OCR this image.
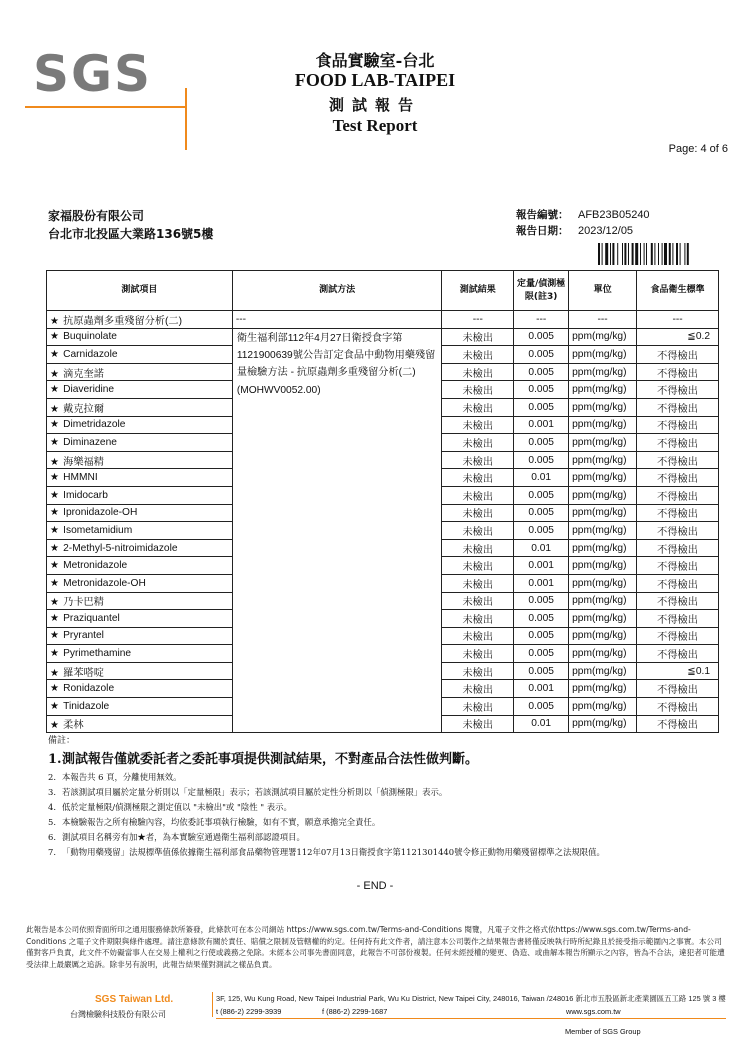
SGS	食品實驗室-台北
FOOD LAB-TAIPEI
測試報告
Test Report
Page: 4 of 6
家福股份有限公司
台北市北投區大業路136號5樓
報告編號： AFB23B05240
報告日期： 2023/12/05
測試項目	測試方法	測試結果	定量/偵測極限(註3)	單位	食品衛生標準
★ 抗原蟲劑多重殘留分析(二)	---	---	---	---	---
★ Buquinolate	衛生福利部112年4月27日衛授食字第1121900639號公告訂定食品中動物用藥殘留量檢驗方法 - 抗原蟲劑多重殘留分析(二)(MOHWV0052.00)	未檢出	0.005	ppm(mg/kg)	≦0.2
★ Carnidazole		未檢出	0.005	ppm(mg/kg)	不得檢出
★ 滴克奎諾		未檢出	0.005	ppm(mg/kg)	不得檢出
★ Diaveridine		未檢出	0.005	ppm(mg/kg)	不得檢出
★ 戴克拉爾		未檢出	0.005	ppm(mg/kg)	不得檢出
★ Dimetridazole		未檢出	0.001	ppm(mg/kg)	不得檢出
★ Diminazene		未檢出	0.005	ppm(mg/kg)	不得檢出
★ 海樂福精		未檢出	0.005	ppm(mg/kg)	不得檢出
★ HMMNI		未檢出	0.01	ppm(mg/kg)	不得檢出
★ Imidocarb		未檢出	0.005	ppm(mg/kg)	不得檢出
★ Ipronidazole-OH		未檢出	0.005	ppm(mg/kg)	不得檢出
★ Isometamidium		未檢出	0.005	ppm(mg/kg)	不得檢出
★ 2-Methyl-5-nitroimidazole		未檢出	0.01	ppm(mg/kg)	不得檢出
★ Metronidazole		未檢出	0.001	ppm(mg/kg)	不得檢出
★ Metronidazole-OH		未檢出	0.001	ppm(mg/kg)	不得檢出
★ 乃卡巴精		未檢出	0.005	ppm(mg/kg)	不得檢出
★ Praziquantel		未檢出	0.005	ppm(mg/kg)	不得檢出
★ Pryrantel		未檢出	0.005	ppm(mg/kg)	不得檢出
★ Pyrimethamine		未檢出	0.005	ppm(mg/kg)	不得檢出
★ 羅苯嗒啶		未檢出	0.005	ppm(mg/kg)	≦0.1
★ Ronidazole		未檢出	0.001	ppm(mg/kg)	不得檢出
★ Tinidazole		未檢出	0.005	ppm(mg/kg)	不得檢出
★ 柔林		未檢出	0.01	ppm(mg/kg)	不得檢出
備註：
1. 測試報告僅就委託者之委託事項提供測試結果，不對產品合法性做判斷。
2. 本報告共 6 頁，分離使用無效。
3. 若該測試項目屬於定量分析則以「定量極限」表示；若該測試項目屬於定性分析則以「偵測極限」表示。
4. 低於定量極限/偵測極限之測定值以 "未檢出"或 "陰性 " 表示。
5. 本檢驗報告之所有檢驗內容，均依委託事項執行檢驗，如有不實，願意承擔完全責任。
6. 測試項目名稱旁有加★者，為本實驗室通過衛生福利部認證項目。
7. 「動物用藥殘留」法規標準值係依據衛生福利部食品藥物管理署112年07月13日衛授食字第1121301440號令修正動物用藥殘留標準之法規限值。
- END -
此報告是本公司依照背面所印之通用服務條款所簽發，此條款可在本公司網站 https://www.sgs.com.tw/Terms-and-Conditions 閱覽，凡電子文件之格式依https://www.sgs.com.tw/Terms-and-Conditions 之電子文件期限與條件處理。請注意條款有關於責任、賠償之限制及管轄權的約定。任何持有此文件者，請注意本公司製作之結果報告書將僅反映執行時所紀錄且於接受指示範圍內之事實。本公司僅對客戶負責，此文件不妨礙當事人在交易上權利之行使或義務之免除。未經本公司事先書面同意，此報告不可部份複製。任何未經授權的變更、偽造、或曲解本報告所顯示之內容，皆為不合法，違犯者可能遭受法律上最嚴厲之追訴。除非另有說明，此報告結果僅對測試之樣品負責。
SGS Taiwan Ltd.
台灣檢驗科技股份有限公司
3F, 125, Wu Kung Road, New Taipei Industrial Park, Wu Ku District, New Taipei City, 248016, Taiwan /248016 新北市五股區新北產業園區五工路 125 號 3 樓
t (886-2) 2299-3939	f (886-2) 2299-1687	www.sgs.com.tw
Member of SGS Group
